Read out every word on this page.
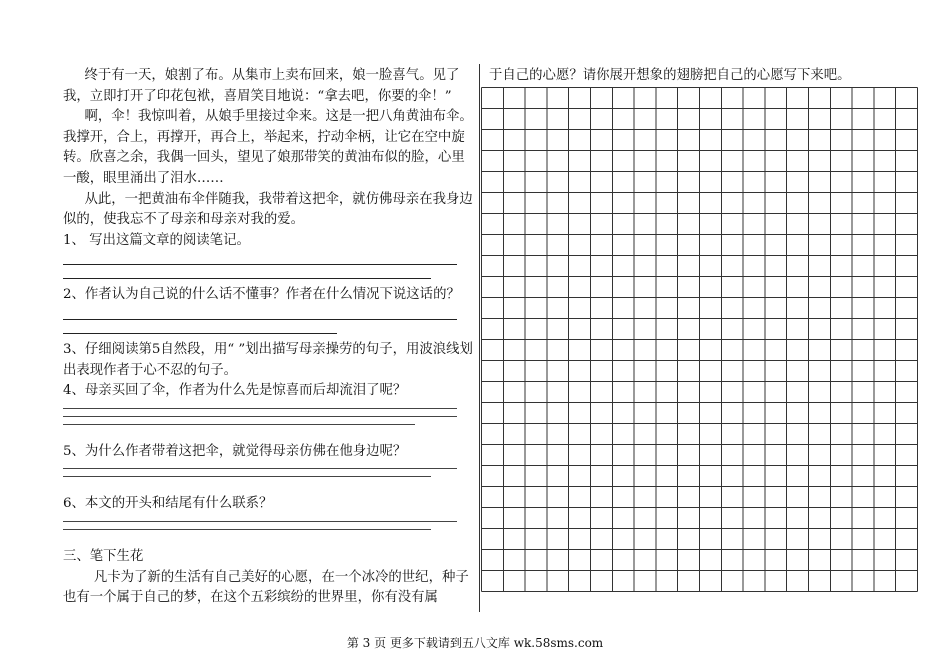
终于有一天，娘割了布。从集市上卖布回来，娘一脸喜气。见了我，立即打开了印花包袱，喜眉笑目地说：“拿去吧，你要的伞！”

啊，伞！我惊叫着，从娘手里接过伞来。这是一把八角黄油布伞。我撑开，合上，再撑开，再合上，举起来，拧动伞柄，让它在空中旋转。欣喜之余，我偶一回头，望见了娘那带笑的黄油布似的脸，心里一酸，眼里涌出了泪水……

从此，一把黄油布伞伴随我，我带着这把伞，就仿佛母亲在我身边似的，使我忘不了母亲和母亲对我的爱。

1、 写出这篇文章的阅读笔记。

2、作者认为自己说的什么话不懂事？作者在什么情况下说这话的？

3、仔细阅读第5自然段，用“ ”划出描写母亲操劳的句子，用波浪线划出表现作者于心不忍的句子。

4、母亲买回了伞，作者为什么先是惊喜而后却流泪了呢？

5、为什么作者带着这把伞，就觉得母亲仿佛在他身边呢？

6、本文的开头和结尾有什么联系？

三、笔下生花

凡卡为了新的生活有自己美好的心愿，在一个冰冷的世纪，种子也有一个属于自己的梦，在这个五彩缤纷的世界里，你有没有属

于自己的心愿？请你展开想象的翅膀把自己的心愿写下来吧。
第 3 页 更多下载请到五八文库 wk.58sms.com
